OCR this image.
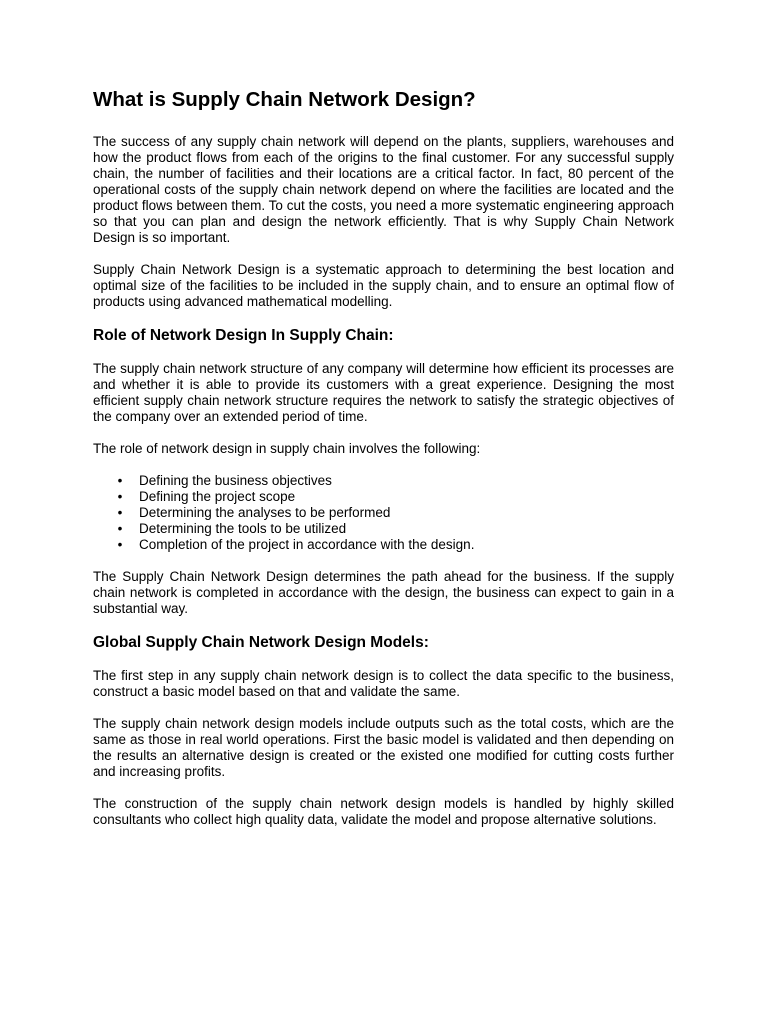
What is Supply Chain Network Design?

The success of any supply chain network will depend on the plants, suppliers, warehouses and how the product flows from each of the origins to the final customer. For any successful supply chain, the number of facilities and their locations are a critical factor. In fact, 80 percent of the operational costs of the supply chain network depend on where the facilities are located and the product flows between them. To cut the costs, you need a more systematic engineering approach so that you can plan and design the network efficiently. That is why Supply Chain Network Design is so important.

Supply Chain Network Design is a systematic approach to determining the best location and optimal size of the facilities to be included in the supply chain, and to ensure an optimal flow of products using advanced mathematical modelling.

Role of Network Design In Supply Chain:

The supply chain network structure of any company will determine how efficient its processes are and whether it is able to provide its customers with a great experience. Designing the most efficient supply chain network structure requires the network to satisfy the strategic objectives of the company over an extended period of time.

The role of network design in supply chain involves the following:

• Defining the business objectives
• Defining the project scope
• Determining the analyses to be performed
• Determining the tools to be utilized
• Completion of the project in accordance with the design.

The Supply Chain Network Design determines the path ahead for the business. If the supply chain network is completed in accordance with the design, the business can expect to gain in a substantial way.

Global Supply Chain Network Design Models:

The first step in any supply chain network design is to collect the data specific to the business, construct a basic model based on that and validate the same.

The supply chain network design models include outputs such as the total costs, which are the same as those in real world operations. First the basic model is validated and then depending on the results an alternative design is created or the existed one modified for cutting costs further and increasing profits.

The construction of the supply chain network design models is handled by highly skilled consultants who collect high quality data, validate the model and propose alternative solutions.
